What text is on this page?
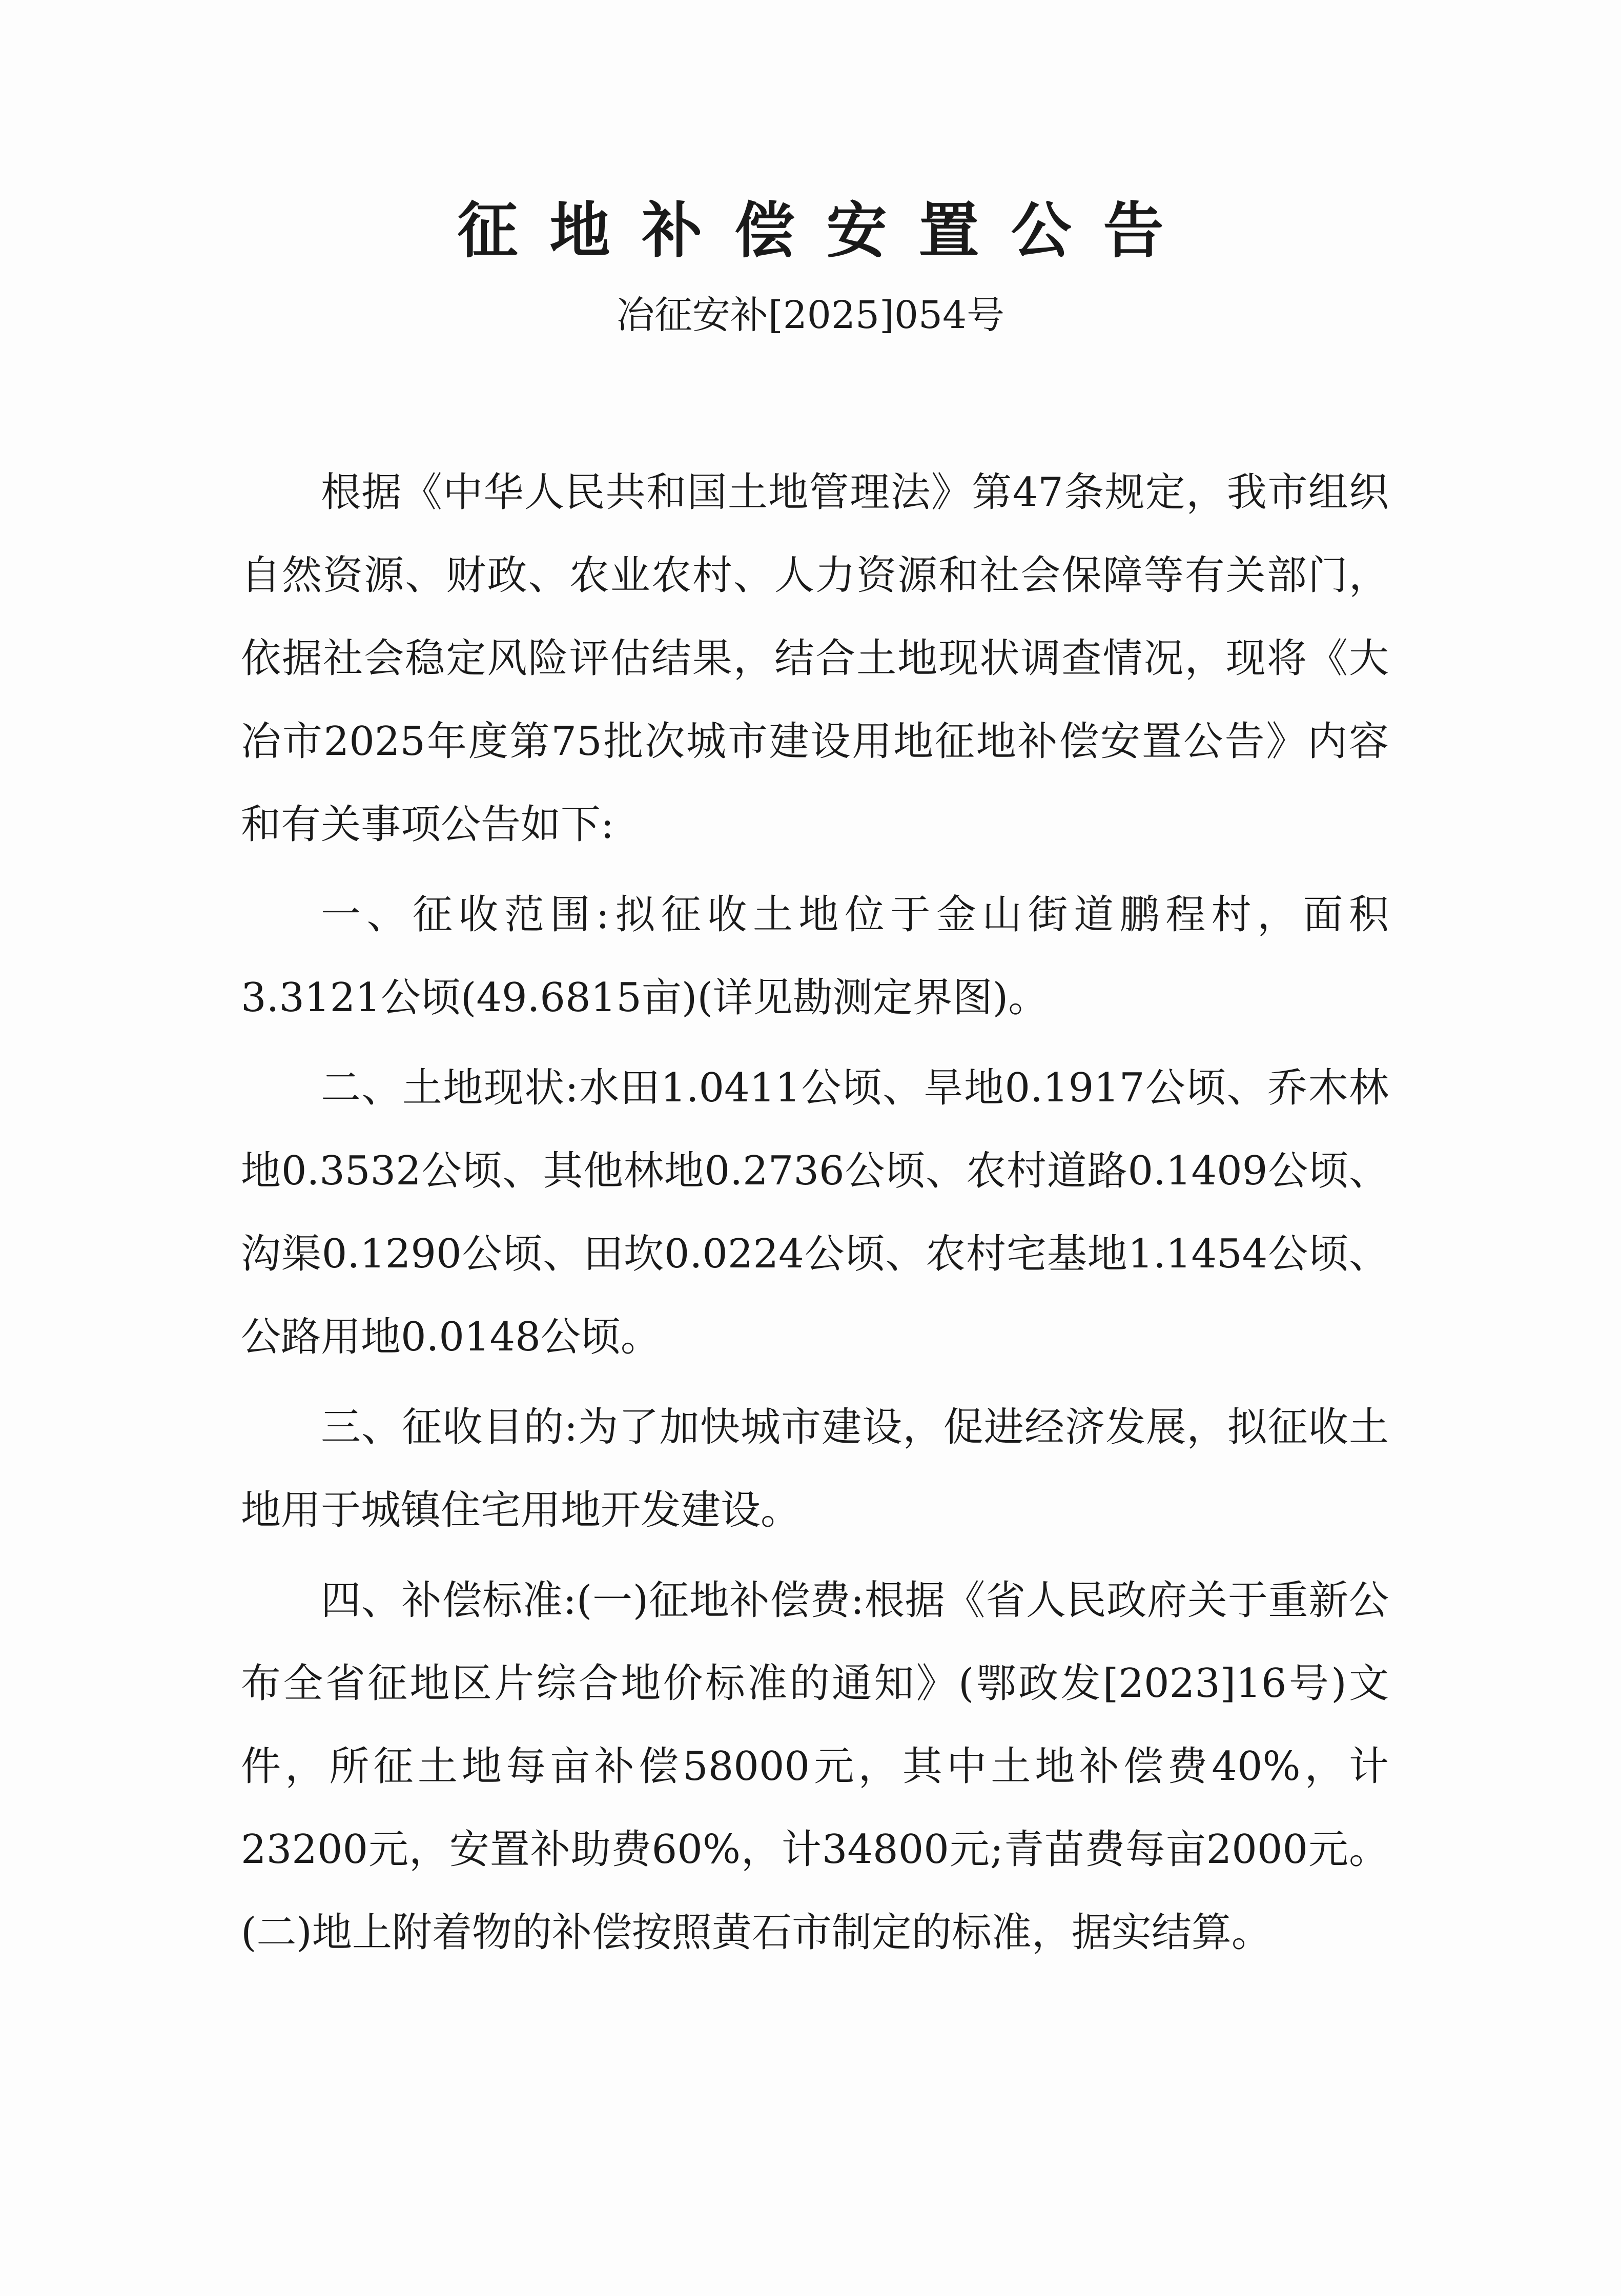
征地补偿安置公告
冶征安补[2025]054号

根据《中华人民共和国土地管理法》第47条规定，我市组织自然资源、财政、农业农村、人力资源和社会保障等有关部门，依据社会稳定风险评估结果，结合土地现状调查情况，现将《大冶市2025年度第75批次城市建设用地征地补偿安置公告》内容和有关事项公告如下:

一、征收范围:拟征收土地位于金山街道鹏程村，面积3.3121公顷(49.6815亩)(详见勘测定界图)。

二、土地现状:水田1.0411公顷、旱地0.1917公顷、乔木林地0.3532公顷、其他林地0.2736公顷、农村道路0.1409公顷、沟渠0.1290公顷、田坎0.0224公顷、农村宅基地1.1454公顷、公路用地0.0148公顷。

三、征收目的:为了加快城市建设，促进经济发展，拟征收土地用于城镇住宅用地开发建设。

四、补偿标准:(一)征地补偿费:根据《省人民政府关于重新公布全省征地区片综合地价标准的通知》(鄂政发[2023]16号)文件，所征土地每亩补偿58000元，其中土地补偿费40%，计23200元，安置补助费60%，计34800元;青苗费每亩2000元。(二)地上附着物的补偿按照黄石市制定的标准，据实结算。
